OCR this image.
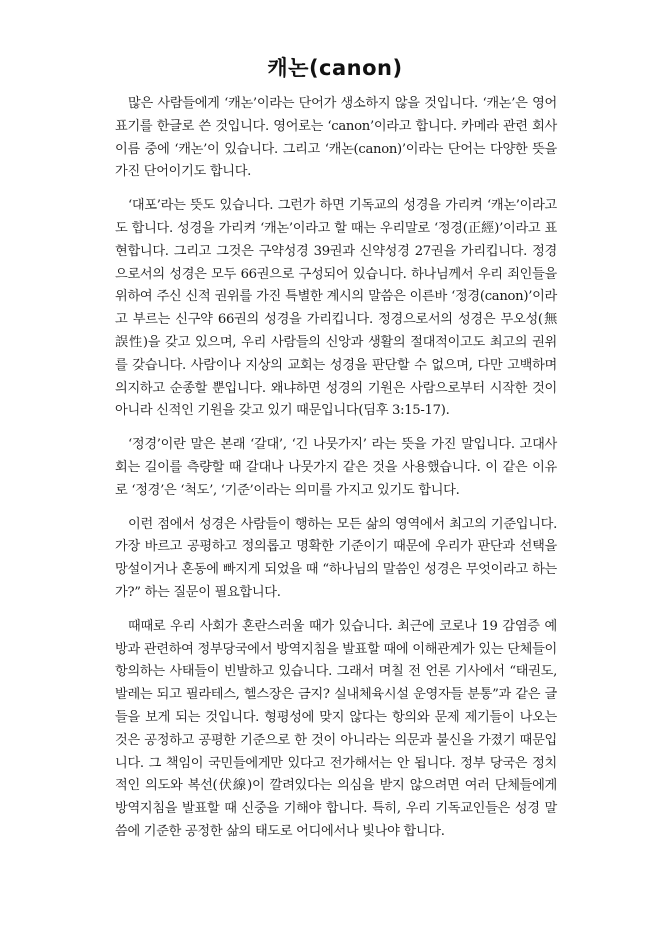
캐논(canon)

많은 사람들에게 ‘캐논’이라는 단어가 생소하지 않을 것입니다. ‘캐논’은 영어 표기를 한글로 쓴 것입니다. 영어로는 ‘canon’이라고 합니다. 카메라 관련 회사 이름 중에 ‘캐논’이 있습니다. 그리고 ‘캐논(canon)’이라는 단어는 다양한 뜻을 가진 단어이기도 합니다.

‘대포’라는 뜻도 있습니다. 그런가 하면 기독교의 성경을 가리켜 ‘캐논’이라고도 합니다. 성경을 가리켜 ‘캐논’이라고 할 때는 우리말로 ‘정경(正經)’이라고 표현합니다. 그리고 그것은 구약성경 39권과 신약성경 27권을 가리킵니다. 정경으로서의 성경은 모두 66권으로 구성되어 있습니다. 하나님께서 우리 죄인들을 위하여 주신 신적 권위를 가진 특별한 계시의 말씀은 이른바 ‘정경(canon)’이라고 부르는 신구약 66권의 성경을 가리킵니다. 정경으로서의 성경은 무오성(無誤性)을 갖고 있으며, 우리 사람들의 신앙과 생활의 절대적이고도 최고의 권위를 갖습니다. 사람이나 지상의 교회는 성경을 판단할 수 없으며, 다만 고백하며 의지하고 순종할 뿐입니다. 왜냐하면 성경의 기원은 사람으로부터 시작한 것이 아니라 신적인 기원을 갖고 있기 때문입니다(딤후 3:15-17).

‘정경’이란 말은 본래 ‘갈대’, ‘긴 나뭇가지’ 라는 뜻을 가진 말입니다. 고대사회는 길이를 측량할 때 갈대나 나뭇가지 같은 것을 사용했습니다. 이 같은 이유로 ‘정경’은 ‘척도’, ‘기준’이라는 의미를 가지고 있기도 합니다.

이런 점에서 성경은 사람들이 행하는 모든 삶의 영역에서 최고의 기준입니다. 가장 바르고 공평하고 정의롭고 명확한 기준이기 때문에 우리가 판단과 선택을 망설이거나 혼동에 빠지게 되었을 때 “하나님의 말씀인 성경은 무엇이라고 하는가?” 하는 질문이 필요합니다.

때때로 우리 사회가 혼란스러울 때가 있습니다. 최근에 코로나 19 감염증 예방과 관련하여 정부당국에서 방역지침을 발표할 때에 이해관계가 있는 단체들이 항의하는 사태들이 빈발하고 있습니다. 그래서 며칠 전 언론 기사에서 “태권도, 발레는 되고 필라테스, 헬스장은 금지? 실내체육시설 운영자들 분통”과 같은 글들을 보게 되는 것입니다. 형평성에 맞지 않다는 항의와 문제 제기들이 나오는 것은 공정하고 공평한 기준으로 한 것이 아니라는 의문과 불신을 가졌기 때문입니다. 그 책임이 국민들에게만 있다고 전가해서는 안 됩니다. 정부 당국은 정치적인 의도와 복선(伏線)이 깔려있다는 의심을 받지 않으려면 여러 단체들에게 방역지침을 발표할 때 신중을 기해야 합니다. 특히, 우리 기독교인들은 성경 말씀에 기준한 공정한 삶의 태도로 어디에서나 빛나야 합니다.
